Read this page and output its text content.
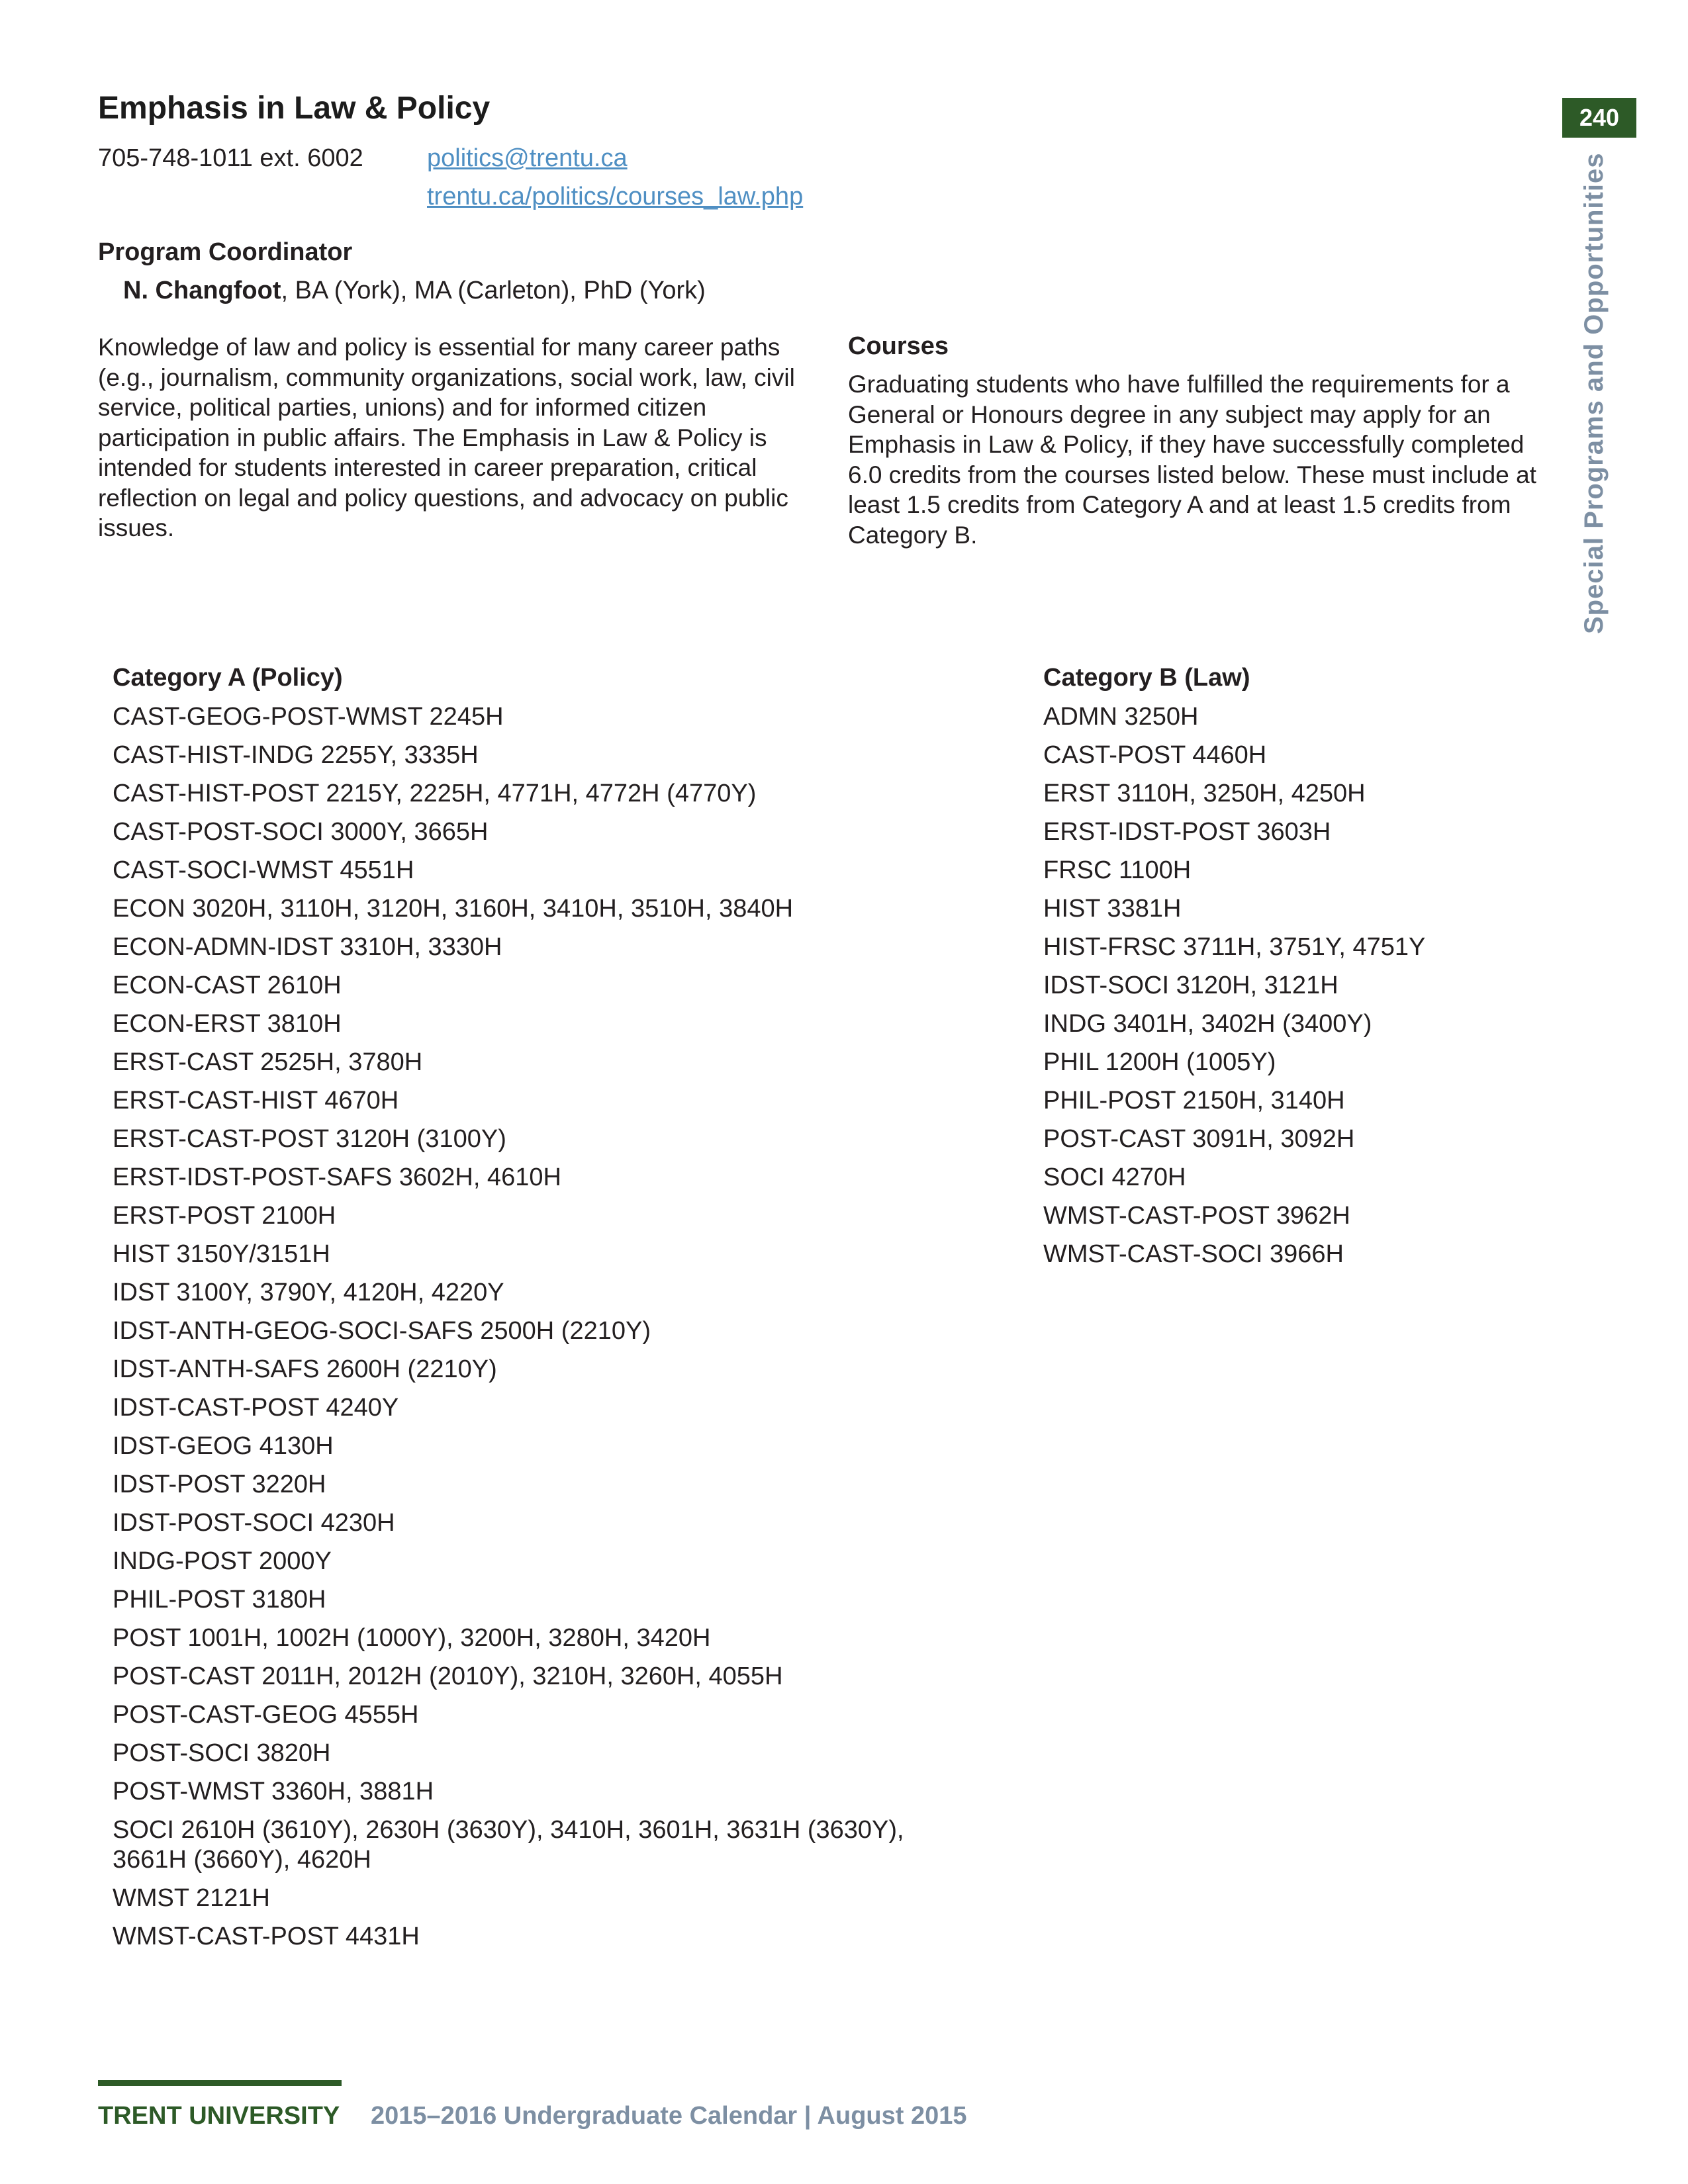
Emphasis in Law & Policy
705-748-1011 ext. 6002	politics@trentu.ca
trentu.ca/politics/courses_law.php
240
Special Programs and Opportunities
Program Coordinator
N. Changfoot, BA (York), MA (Carleton), PhD (York)
Knowledge of law and policy is essential for many career paths (e.g., journalism, community organizations, social work, law, civil service, political parties, unions) and for informed citizen participation in public affairs. The Emphasis in Law & Policy is intended for students interested in career preparation, critical reflection on legal and policy questions, and advocacy on public issues.
Courses
Graduating students who have fulfilled the requirements for a General or Honours degree in any subject may apply for an Emphasis in Law & Policy, if they have successfully completed 6.0 credits from the courses listed below. These must include at least 1.5 credits from Category A and at least 1.5 credits from Category B.
Category A (Policy)
CAST-GEOG-POST-WMST 2245H
CAST-HIST-INDG 2255Y, 3335H
CAST-HIST-POST 2215Y, 2225H, 4771H, 4772H (4770Y)
CAST-POST-SOCI 3000Y, 3665H
CAST-SOCI-WMST 4551H
ECON 3020H, 3110H, 3120H, 3160H, 3410H, 3510H, 3840H
ECON-ADMN-IDST 3310H, 3330H
ECON-CAST 2610H
ECON-ERST 3810H
ERST-CAST 2525H, 3780H
ERST-CAST-HIST 4670H
ERST-CAST-POST 3120H (3100Y)
ERST-IDST-POST-SAFS 3602H, 4610H
ERST-POST 2100H
HIST 3150Y/3151H
IDST 3100Y, 3790Y, 4120H, 4220Y
IDST-ANTH-GEOG-SOCI-SAFS 2500H (2210Y)
IDST-ANTH-SAFS 2600H (2210Y)
IDST-CAST-POST 4240Y
IDST-GEOG 4130H
IDST-POST 3220H
IDST-POST-SOCI 4230H
INDG-POST 2000Y
PHIL-POST 3180H
POST 1001H, 1002H (1000Y), 3200H, 3280H, 3420H
POST-CAST 2011H, 2012H (2010Y), 3210H, 3260H, 4055H
POST-CAST-GEOG 4555H
POST-SOCI 3820H
POST-WMST 3360H, 3881H
SOCI 2610H (3610Y), 2630H (3630Y), 3410H, 3601H, 3631H (3630Y), 3661H (3660Y), 4620H
WMST 2121H
WMST-CAST-POST 4431H
Category B (Law)
ADMN 3250H
CAST-POST 4460H
ERST 3110H, 3250H, 4250H
ERST-IDST-POST 3603H
FRSC 1100H
HIST 3381H
HIST-FRSC 3711H, 3751Y, 4751Y
IDST-SOCI 3120H, 3121H
INDG 3401H, 3402H (3400Y)
PHIL 1200H (1005Y)
PHIL-POST 2150H, 3140H
POST-CAST 3091H, 3092H
SOCI 4270H
WMST-CAST-POST 3962H
WMST-CAST-SOCI 3966H
TRENT UNIVERSITY 2015–2016 Undergraduate Calendar | August 2015
